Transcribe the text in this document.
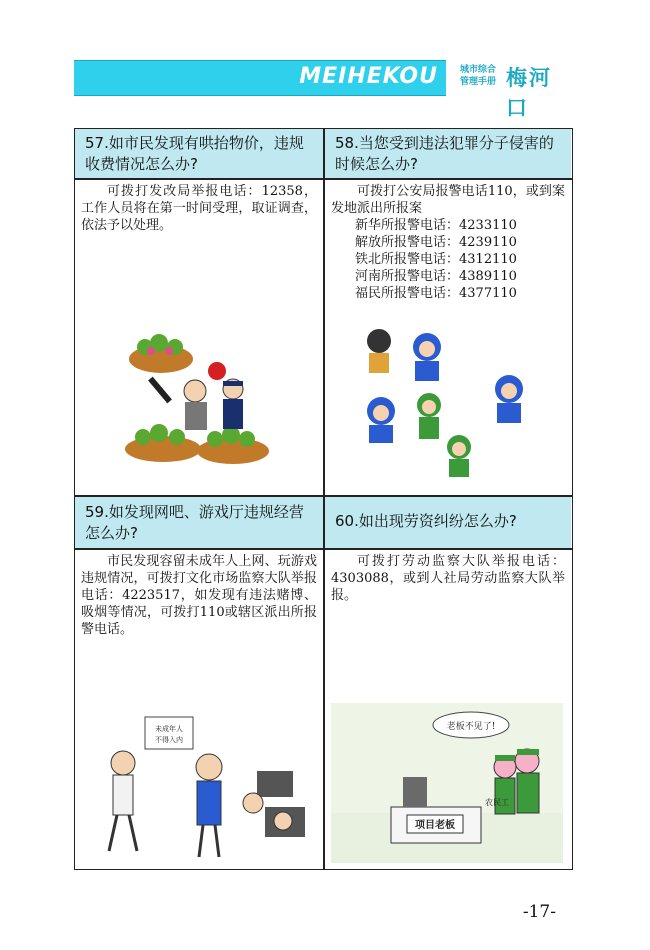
MEIHEKOU	城市综合
管理手册 梅河口
57.如市民发现有哄抬物价，违规收费情况怎么办?

可拨打发改局举报电话：12358，工作人员将在第一时间受理，取证调查，依法予以处理。

58.当您受到违法犯罪分子侵害的时候怎么办?

可拨打公安局报警电话110，或到案发地派出所报案

新华所报警电话：4233110
解放所报警电话：4239110
铁北所报警电话：4312110
河南所报警电话：4389110
福民所报警电话：4377110
59.如发现网吧、游戏厅违规经营怎么办?

市民发现容留未成年人上网、玩游戏违规情况，可拨打文化市场监察大队举报电话：4223517，如发现有违法赌博、吸烟等情况，可拨打110或辖区派出所报警电话。

未成年人
不得入内
60.如出现劳资纠纷怎么办?

可拨打劳动监察大队举报电话：4303088，或到人社局劳动监察大队举报。

老板不见了!
项目老板
农民工
-17-
